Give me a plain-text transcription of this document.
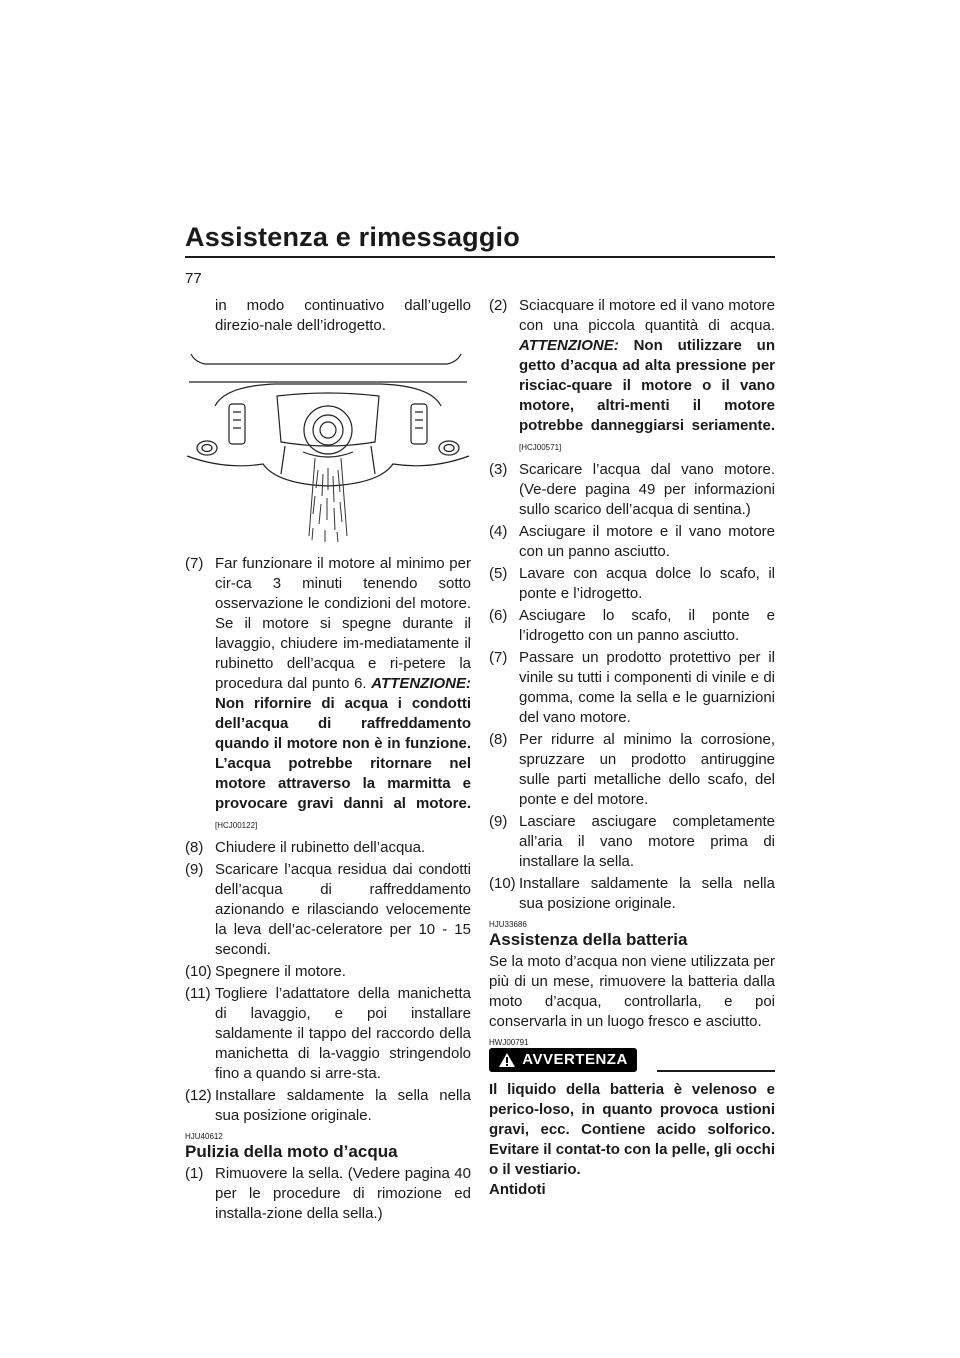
Assistenza e rimessaggio
77

in modo continuativo dall’ugello direzio-nale dell’idrogetto.

(7) Far funzionare il motore al minimo per cir-ca 3 minuti tenendo sotto osservazione le condizioni del motore. Se il motore si spegne durante il lavaggio, chiudere im-mediatamente il rubinetto dell’acqua e ri-petere la procedura dal punto 6. ATTENZIONE: Non rifornire di acqua i condotti dell’acqua di raffreddamento quando il motore non è in funzione. L’acqua potrebbe ritornare nel motore attraverso la marmitta e provocare gravi danni al motore. [HCJ00122]
(8) Chiudere il rubinetto dell’acqua.
(9) Scaricare l’acqua residua dai condotti dell’acqua di raffreddamento azionando e rilasciando velocemente la leva dell’ac-celeratore per 10 - 15 secondi.
(10) Spegnere il motore.
(11) Togliere l’adattatore della manichetta di lavaggio, e poi installare saldamente il tappo del raccordo della manichetta di la-vaggio stringendolo fino a quando si arre-sta.
(12) Installare saldamente la sella nella sua posizione originale.
HJU40612
Pulizia della moto d’acqua
(1) Rimuovere la sella. (Vedere pagina 40 per le procedure di rimozione ed installa-zione della sella.)
(2) Sciacquare il motore ed il vano motore con una piccola quantità di acqua. ATTENZIONE: Non utilizzare un getto d’acqua ad alta pressione per risciac-quare il motore o il vano motore, altri-menti il motore potrebbe danneggiarsi seriamente. [HCJ00571]
(3) Scaricare l’acqua dal vano motore. (Ve-dere pagina 49 per informazioni sullo scarico dell’acqua di sentina.)
(4) Asciugare il motore e il vano motore con un panno asciutto.
(5) Lavare con acqua dolce lo scafo, il ponte e l’idrogetto.
(6) Asciugare lo scafo, il ponte e l’idrogetto con un panno asciutto.
(7) Passare un prodotto protettivo per il vinile su tutti i componenti di vinile e di gomma, come la sella e le guarnizioni del vano motore.
(8) Per ridurre al minimo la corrosione, spruzzare un prodotto antiruggine sulle parti metalliche dello scafo, del ponte e del motore.
(9) Lasciare asciugare completamente all’aria il vano motore prima di installare la sella.
(10) Installare saldamente la sella nella sua posizione originale.
HJU33686
Assistenza della batteria

Se la moto d’acqua non viene utilizzata per più di un mese, rimuovere la batteria dalla moto d’acqua, controllarla, e poi conservarla in un luogo fresco e asciutto.

HWJ00791
AVVERTENZA

Il liquido della batteria è velenoso e perico-loso, in quanto provoca ustioni gravi, ecc. Contiene acido solforico. Evitare il contat-to con la pelle, gli occhi o il vestiario.

Antidoti
